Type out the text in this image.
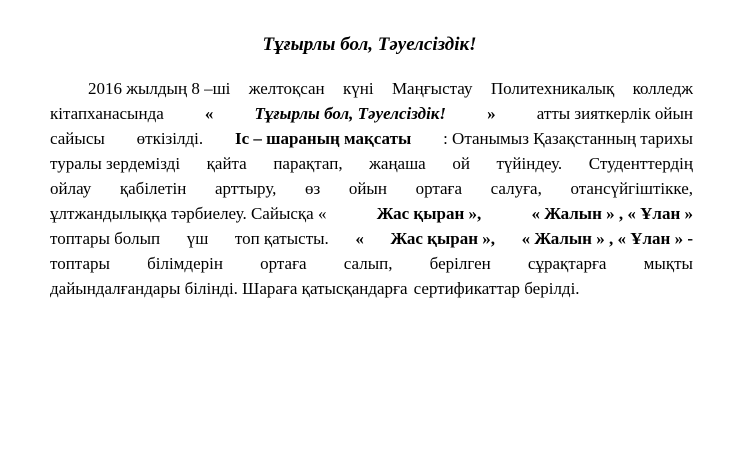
Тұғырлы бол, Тәуелсіздік!
2016 жылдың 8 –ші желтоқсан күні Маңғыстау Политехникалық колледж
кітапханасында « Тұғырлы бол, Тәуелсіздік! » атты зияткерлік ойын
сайысы өткізілді. Іс – шараның мақсаты : Отанымыз Қазақстанның тарихы
туралы зердемізді қайта парақтап, жаңаша ой түйіндеу. Студенттердің
ойлау қабілетін арттыру, өз ойын ортаға салуға, отансүйгіштікке,
ұлтжандылыққа тәрбиелеу. Сайысқа «	Жас қыран »,	« Жалын » , « Ұлан »
топтары болып үш топ қатысты. « Жас қыран », « Жалын » , « Ұлан » -
топтары білімдерін ортаға салып, берілген сұрақтарға мықты
дайындалғандары білінді. Шараға қатысқандарға сертификаттар берілді.
